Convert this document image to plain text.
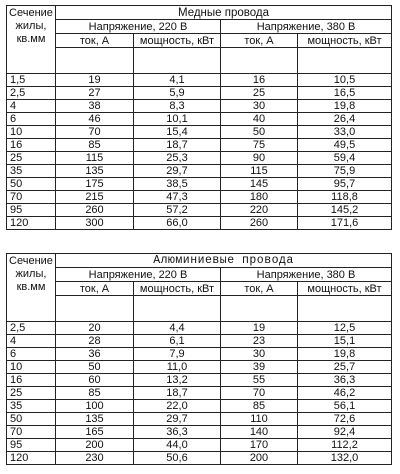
Сечение жилы, кв.мм	Медные провода			
	Напряжение, 220 В		Напряжение, 380 В	
	ток, А	мощность, кВт	ток, А	мощность, кВт

1,5	19	4,1	16	10,5
2,5	27	5,9	25	16,5
4	38	8,3	30	19,8
6	46	10,1	40	26,4
10	70	15,4	50	33,0
16	85	18,7	75	49,5
25	115	25,3	90	59,4
35	135	29,7	115	75,9
50	175	38,5	145	95,7
70	215	47,3	180	118,8
95	260	57,2	220	145,2
120	300	66,0	260	171,6
Сечение жилы, кв.мм	Алюминиевые провода			
	Напряжение, 220 В		Напряжение, 380 В	
	ток, А	мощность, кВт	ток, А	мощность, кВт

2,5	20	4,4	19	12,5
4	28	6,1	23	15,1
6	36	7,9	30	19,8
10	50	11,0	39	25,7
16	60	13,2	55	36,3
25	85	18,7	70	46,2
35	100	22,0	85	56,1
50	135	29,7	110	72,6
70	165	36,3	140	92,4
95	200	44,0	170	112,2
120	230	50,6	200	132,0
